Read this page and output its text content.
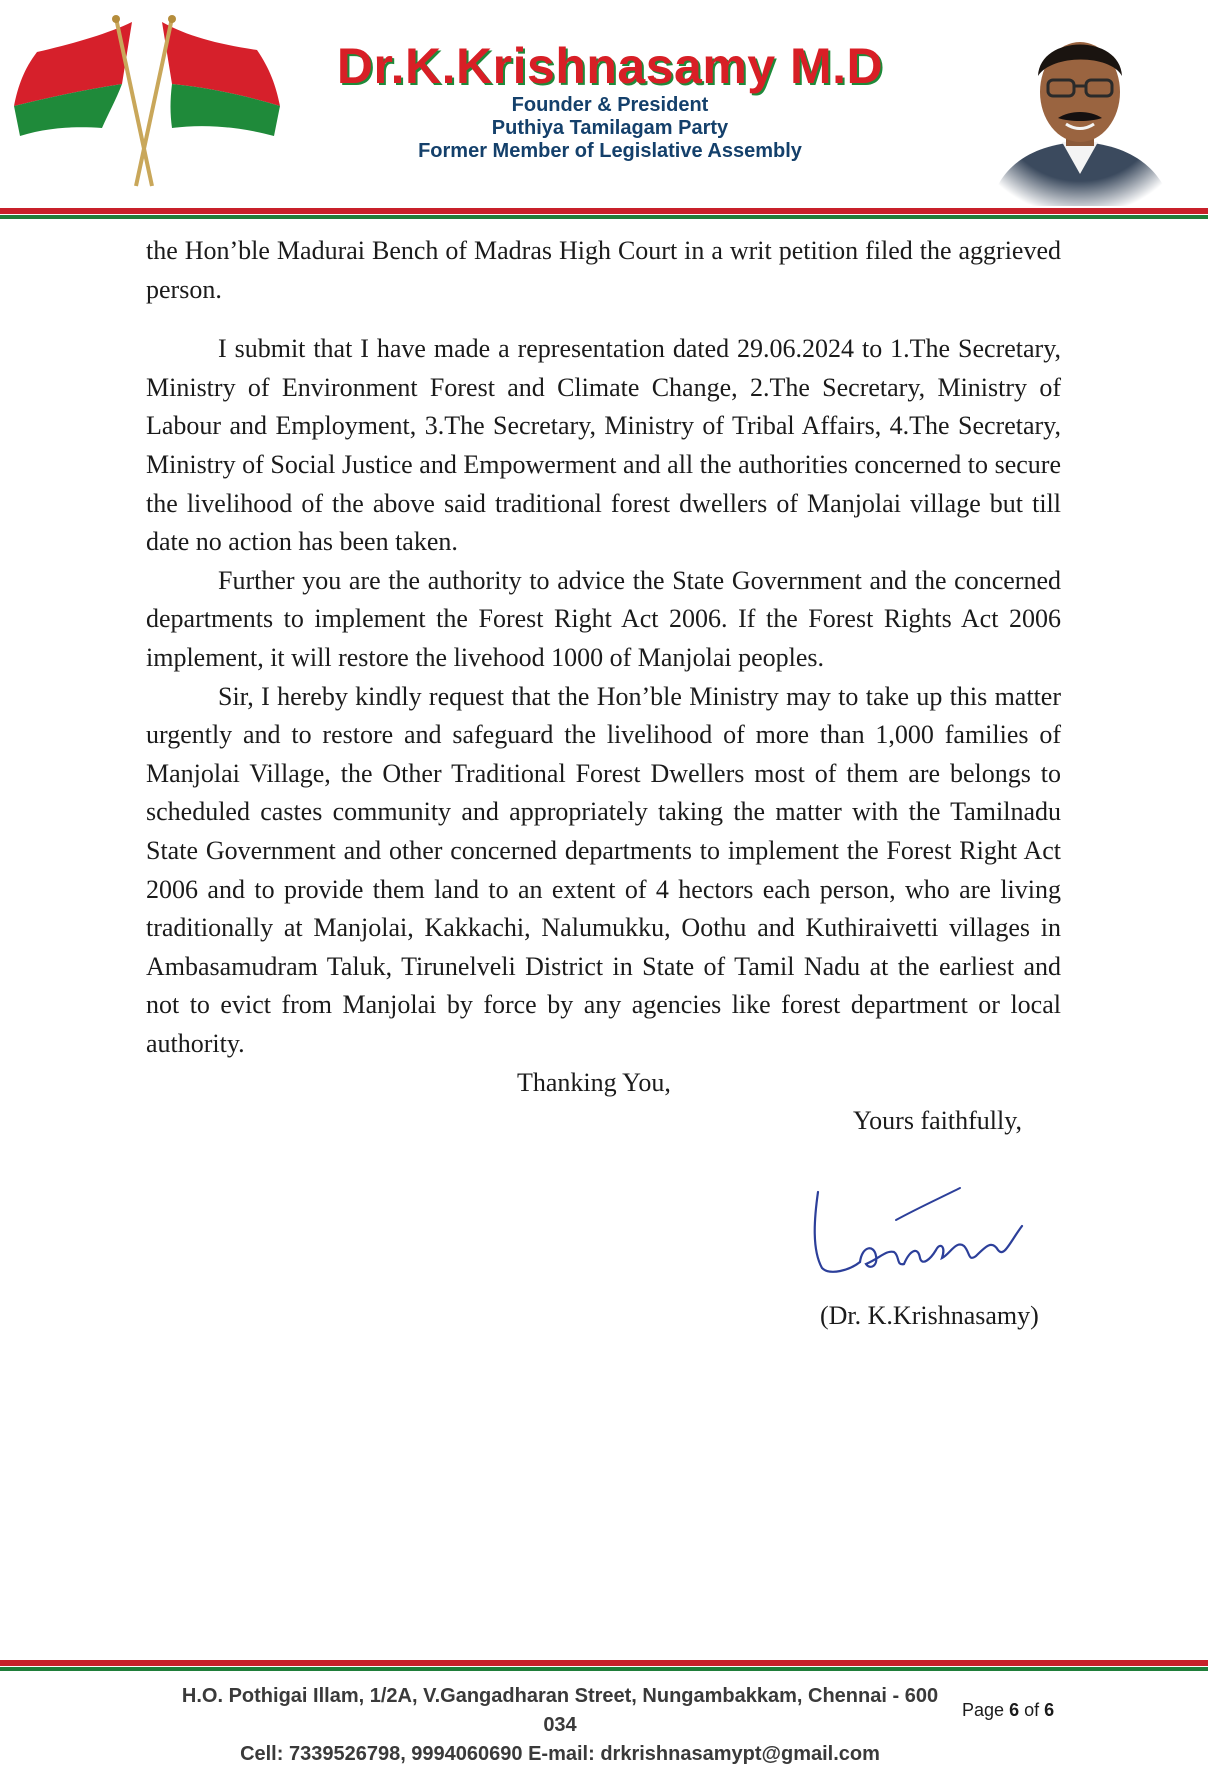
Dr.K.Krishnasamy M.D
Founder & President
Puthiya Tamilagam Party
Former Member of Legislative Assembly

the Hon’ble Madurai Bench of Madras High Court in a writ petition filed the aggrieved person.

I submit that I have made a representation dated 29.06.2024 to 1.The Secretary, Ministry of Environment Forest and Climate Change, 2.The Secretary, Ministry of Labour and Employment, 3.The Secretary, Ministry of Tribal Affairs, 4.The Secretary, Ministry of Social Justice and Empowerment and all the authorities concerned to secure the livelihood of the above said traditional forest dwellers of Manjolai village but till date no action has been taken.

Further you are the authority to advice the State Government and the concerned departments to implement the Forest Right Act 2006. If the Forest Rights Act 2006 implement, it will restore the livehood 1000 of Manjolai peoples.

Sir, I hereby kindly request that the Hon’ble Ministry may to take up this matter urgently and to restore and safeguard the livelihood of more than 1,000 families of Manjolai Village, the Other Traditional Forest Dwellers most of them are belongs to scheduled castes community and appropriately taking the matter with the Tamilnadu State Government and other concerned departments to implement the Forest Right Act 2006 and to provide them land to an extent of 4 hectors each person, who are living traditionally at Manjolai, Kakkachi, Nalumukku, Oothu and Kuthiraivetti villages in Ambasamudram Taluk, Tirunelveli District in State of Tamil Nadu at the earliest and not to evict from Manjolai by force by any agencies like forest department or local authority.

Thanking You,
Yours faithfully,
(Dr. K.Krishnasamy)
H.O. Pothigai Illam, 1/2A, V.Gangadharan Street, Nungambakkam, Chennai - 600 034
Cell: 7339526798, 9994060690 E-mail: drkrishnasamypt@gmail.com
Page 6 of 6
